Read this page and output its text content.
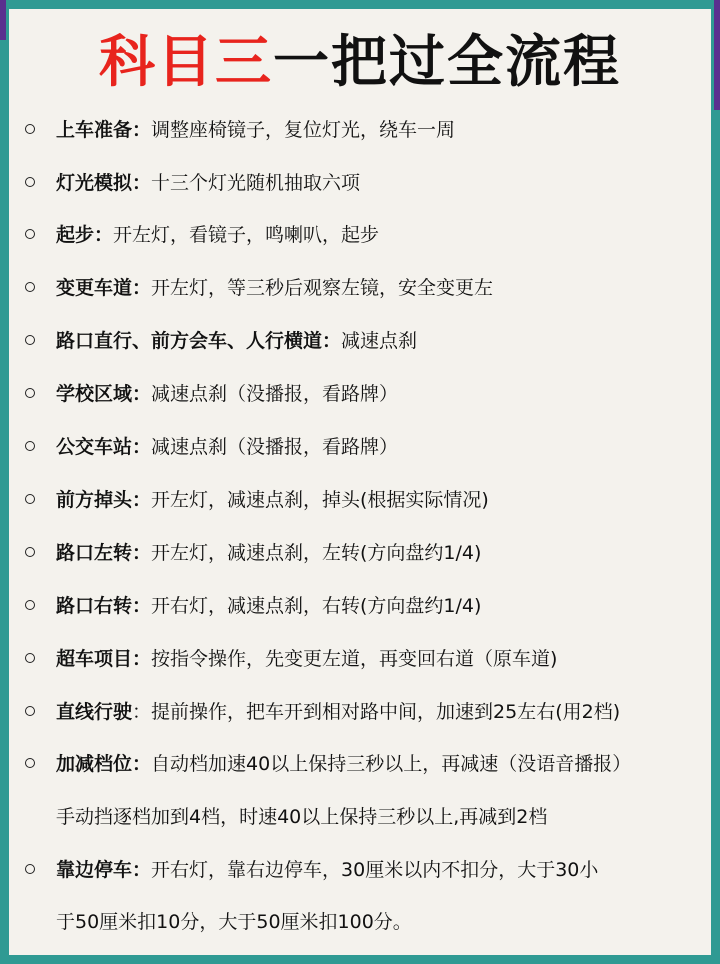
科目三一把过全流程
上车准备：调整座椅镜子，复位灯光，绕车一周
灯光模拟：十三个灯光随机抽取六项
起步：开左灯，看镜子，鸣喇叭，起步
变更车道：开左灯，等三秒后观察左镜，安全变更左
路口直行、前方会车、人行横道：减速点刹
学校区域：减速点刹（没播报，看路牌）
公交车站：减速点刹（没播报，看路牌）
前方掉头：开左灯，减速点刹，掉头(根据实际情况)
路口左转：开左灯，减速点刹，左转(方向盘约1/4)
路口右转：开右灯，减速点刹，右转(方向盘约1/4)
超车项目：按指令操作，先变更左道，再变回右道（原车道)
直线行驶：提前操作，把车开到相对路中间，加速到25左右(用2档)
加减档位：自动档加速40以上保持三秒以上，再减速（没语音播报）
手动挡逐档加到4档，时速40以上保持三秒以上,再减到2档
靠边停车：开右灯，靠右边停车，30厘米以内不扣分，大于30小
于50厘米扣10分，大于50厘米扣100分。
